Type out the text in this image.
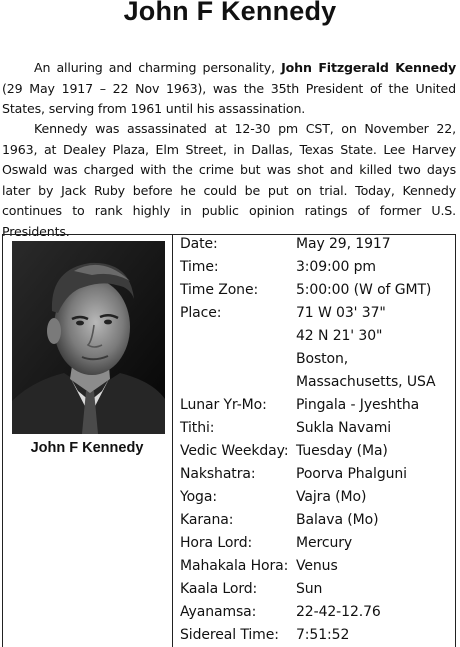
John F Kennedy
An alluring and charming personality, John Fitzgerald Kennedy (29 May 1917 – 22 Nov 1963), was the 35th President of the United States, serving from 1961 until his assassination.
Kennedy was assassinated at 12-30 pm CST, on November 22, 1963, at Dealey Plaza, Elm Street, in Dallas, Texas State. Lee Harvey Oswald was charged with the crime but was shot and killed two days later by Jack Ruby before he could be put on trial. Today, Kennedy continues to rank highly in public opinion ratings of former U.S. Presidents.
John F Kennedy
Date:	May 29, 1917
Time:	3:09:00 pm
Time Zone:	5:00:00 (W of GMT)
Place:	71 W 03' 37"
42 N 21' 30"
Boston,
Massachusetts, USA
Lunar Yr-Mo: Pingala - Jyeshtha
Tithi:	Sukla Navami
Vedic Weekday: Tuesday (Ma)
Nakshatra:	Poorva Phalguni
Yoga:	Vajra (Mo)
Karana:	Balava (Mo)
Hora Lord:	Mercury
Mahakala Hora: Venus
Kaala Lord:	Sun
Ayanamsa:	22-42-12.76
Sidereal Time: 7:51:52
